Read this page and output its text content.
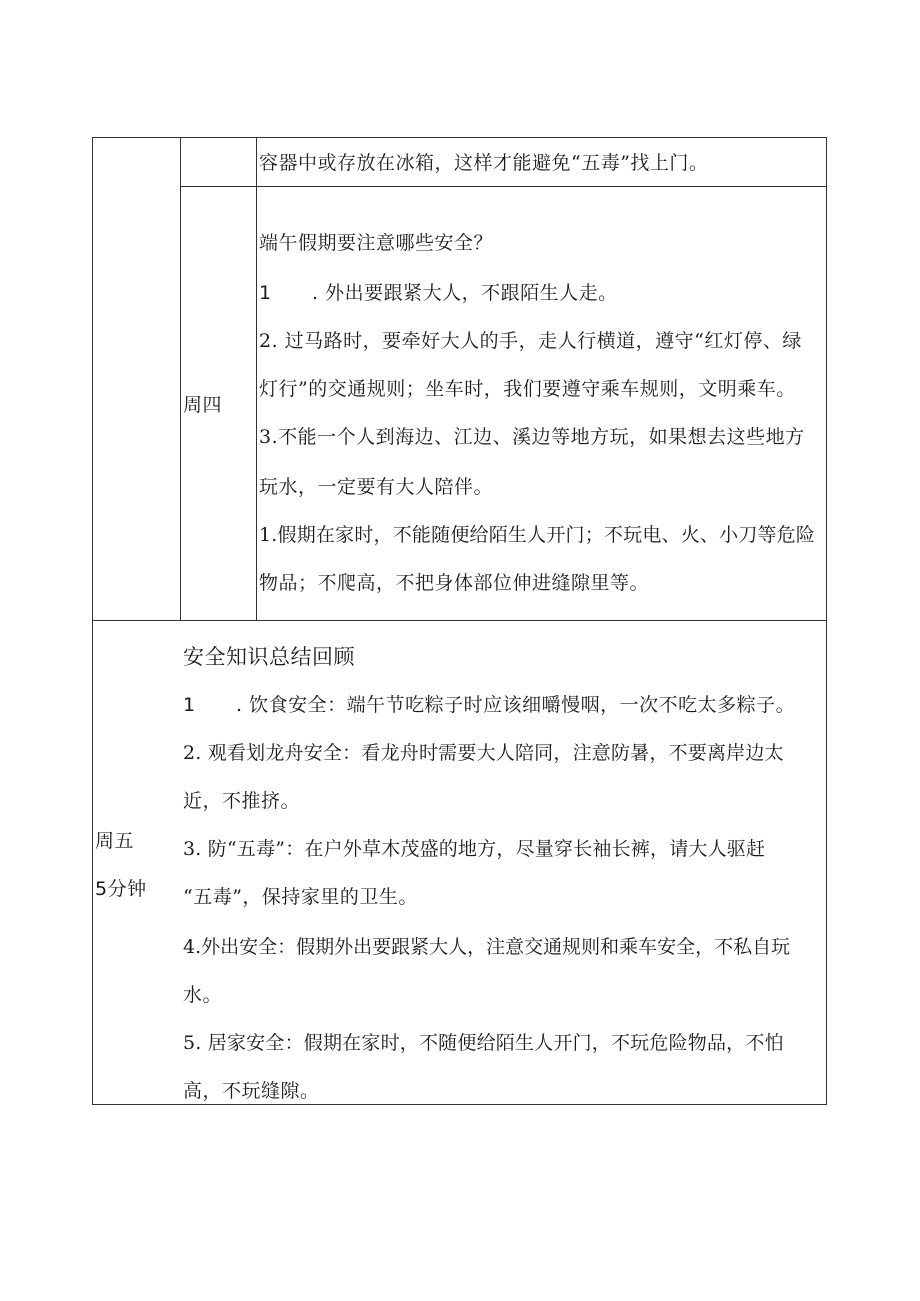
容器中或存放在冰箱，这样才能避免“五毒”找上门。
周四
端午假期要注意哪些安全？
1 . 外出要跟紧大人，不跟陌生人走。
2. 过马路时，要牵好大人的手，走人行横道，遵守“红灯停、绿
灯行”的交通规则；坐车时，我们要遵守乘车规则，文明乘车。
3.不能一个人到海边、江边、溪边等地方玩，如果想去这些地方
玩水，一定要有大人陪伴。
1.假期在家时，不能随便给陌生人开门；不玩电、火、小刀等危险
物品；不爬高，不把身体部位伸进缝隙里等。
周五
5分钟
安全知识总结回顾
1 . 饮食安全：端午节吃粽子时应该细嚼慢咽，一次不吃太多粽子。
2. 观看划龙舟安全：看龙舟时需要大人陪同，注意防暑，不要离岸边太
近，不推挤。
3. 防“五毒”：在户外草木茂盛的地方，尽量穿长袖长裤，请大人驱赶
“五毒”，保持家里的卫生。
4.外出安全：假期外出要跟紧大人，注意交通规则和乘车安全，不私自玩
水。
5. 居家安全：假期在家时，不随便给陌生人开门，不玩危险物品，不怕
高，不玩缝隙。
